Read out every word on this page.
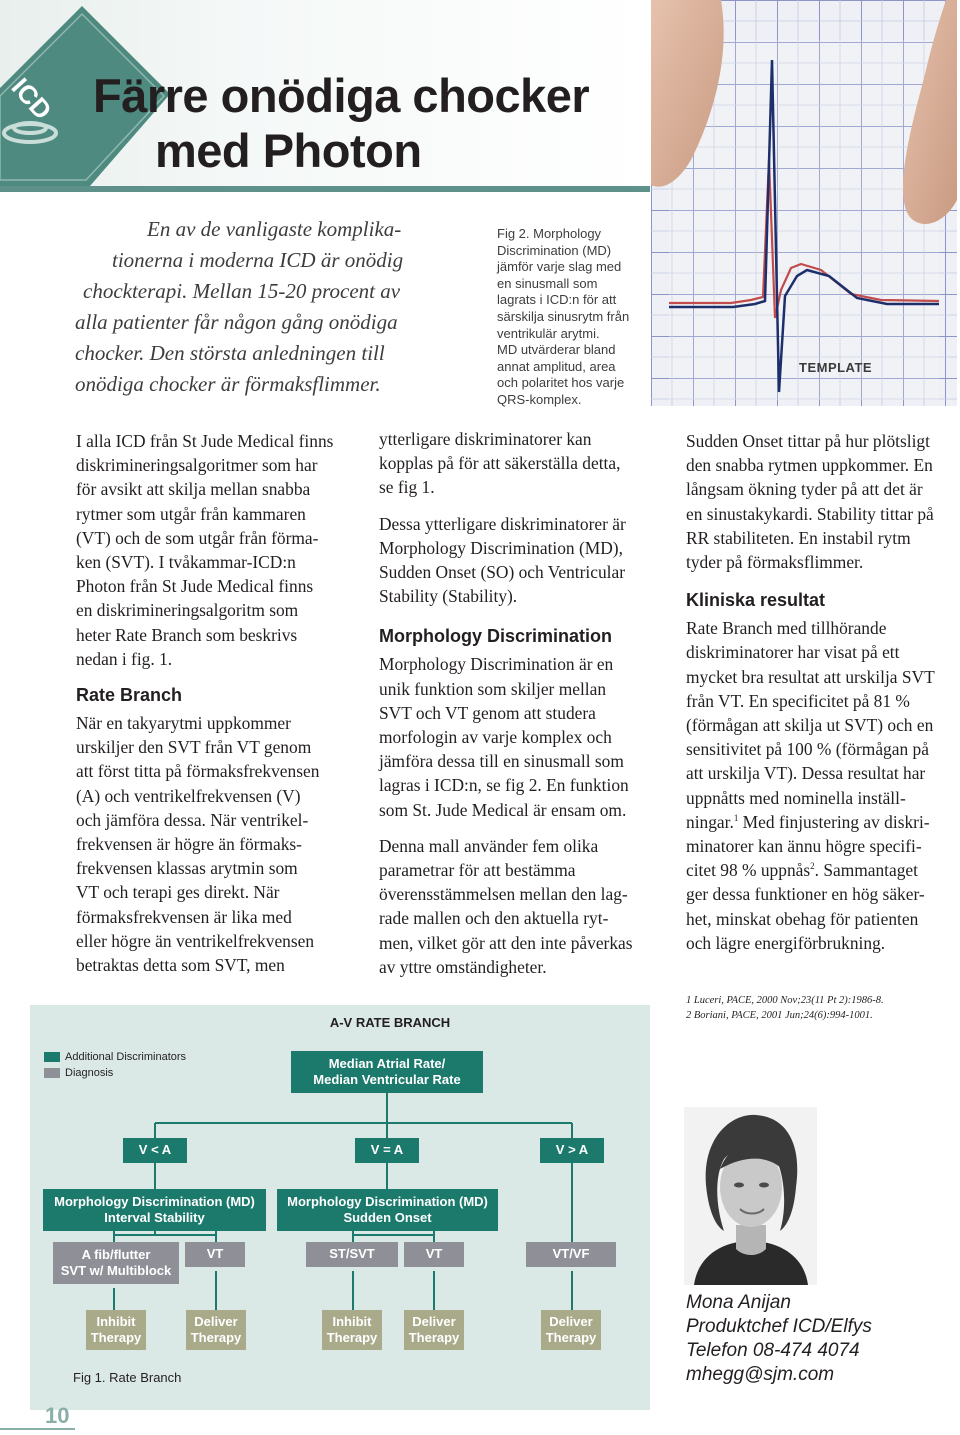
ICD Färre onödiga chocker
med Photon
En av de vanligaste komplika-
tionerna i moderna ICD är onödig
chockterapi. Mellan 15-20 procent av
alla patienter får någon gång onödiga
chocker. Den största anledningen till
onödiga chocker är förmaksflimmer.
Fig 2. Morphology
Discrimination (MD)
jämför varje slag med
en sinusmall som
lagrats i ICD:n för att
särskilja sinusrytm från
ventrikulär arytmi.
MD utvärderar bland
annat amplitud, area
och polaritet hos varje
QRS-komplex.
TEMPLATE

I alla ICD från St Jude Medical finns
diskrimineringsalgoritmer som har
för avsikt att skilja mellan snabba
rytmer som utgår från kammaren
(VT) och de som utgår från förma-
ken (SVT). I tvåkammar-ICD:n
Photon från St Jude Medical finns
en diskrimineringsalgoritm som
heter Rate Branch som beskrivs
nedan i fig. 1.

Rate Branch

När en takyarytmi uppkommer
urskiljer den SVT från VT genom
att först titta på förmaksfrekvensen
(A) och ventrikelfrekvensen (V)
och jämföra dessa. När ventrikel-
frekvensen är högre än förmaks-
frekvensen klassas arytmin som
VT och terapi ges direkt. När
förmaksfrekvensen är lika med
eller högre än ventrikelfrekvensen
betraktas detta som SVT, men

ytterligare diskriminatorer kan
kopplas på för att säkerställa detta,
se fig 1.

Dessa ytterligare diskriminatorer är
Morphology Discrimination (MD),
Sudden Onset (SO) och Ventricular
Stability (Stability).

Morphology Discrimination

Morphology Discrimination är en
unik funktion som skiljer mellan
SVT och VT genom att studera
morfologin av varje komplex och
jämföra dessa till en sinusmall som
lagras i ICD:n, se fig 2. En funktion
som St. Jude Medical är ensam om.

Denna mall använder fem olika
parametrar för att bestämma
överensstämmelsen mellan den lag-
rade mallen och den aktuella ryt-
men, vilket gör att den inte påverkas
av yttre omständigheter.

Sudden Onset tittar på hur plötsligt
den snabba rytmen uppkommer. En
långsam ökning tyder på att det är
en sinustakykardi. Stability tittar på
RR stabiliteten. En instabil rytm
tyder på förmaksflimmer.

Kliniska resultat

Rate Branch med tillhörande
diskriminatorer har visat på ett
mycket bra resultat att urskilja SVT
från VT. En specificitet på 81 %
(förmågan att skilja ut SVT) och en
sensitivitet på 100 % (förmågan på
att urskilja VT). Dessa resultat har
uppnåtts med nominella inställ-
ningar.$^1$ Med finjustering av diskri-
minatorer kan ännu högre specifi-
citet 98 % uppnås$^2$. Sammantaget
ger dessa funktioner en hög säker-
het, minskat obehag för patienten
och lägre energiförbrukning.

1 Luceri, PACE, 2000 Nov;23(11 Pt 2):1986-8.
2 Boriani, PACE, 2001 Jun;24(6):994-1001.
A-V RATE BRANCH
Additional Discriminators
Diagnosis
Median Atrial Rate/
Median Ventricular Rate
V < A	V = A	V > A
Morphology Discrimination (MD)
Interval Stability
Morphology Discrimination (MD)
Sudden Onset
A fib/flutter
SVT w/ Multiblock
VT	ST/SVT	VT	VT/VF
Inhibit
Therapy
Deliver
Therapy
Inhibit
Therapy
Deliver
Therapy
Deliver
Therapy
Fig 1. Rate Branch
Mona Anijan
Produktchef ICD/Elfys
Telefon 08-474 4074
mhegg@sjm.com
10
